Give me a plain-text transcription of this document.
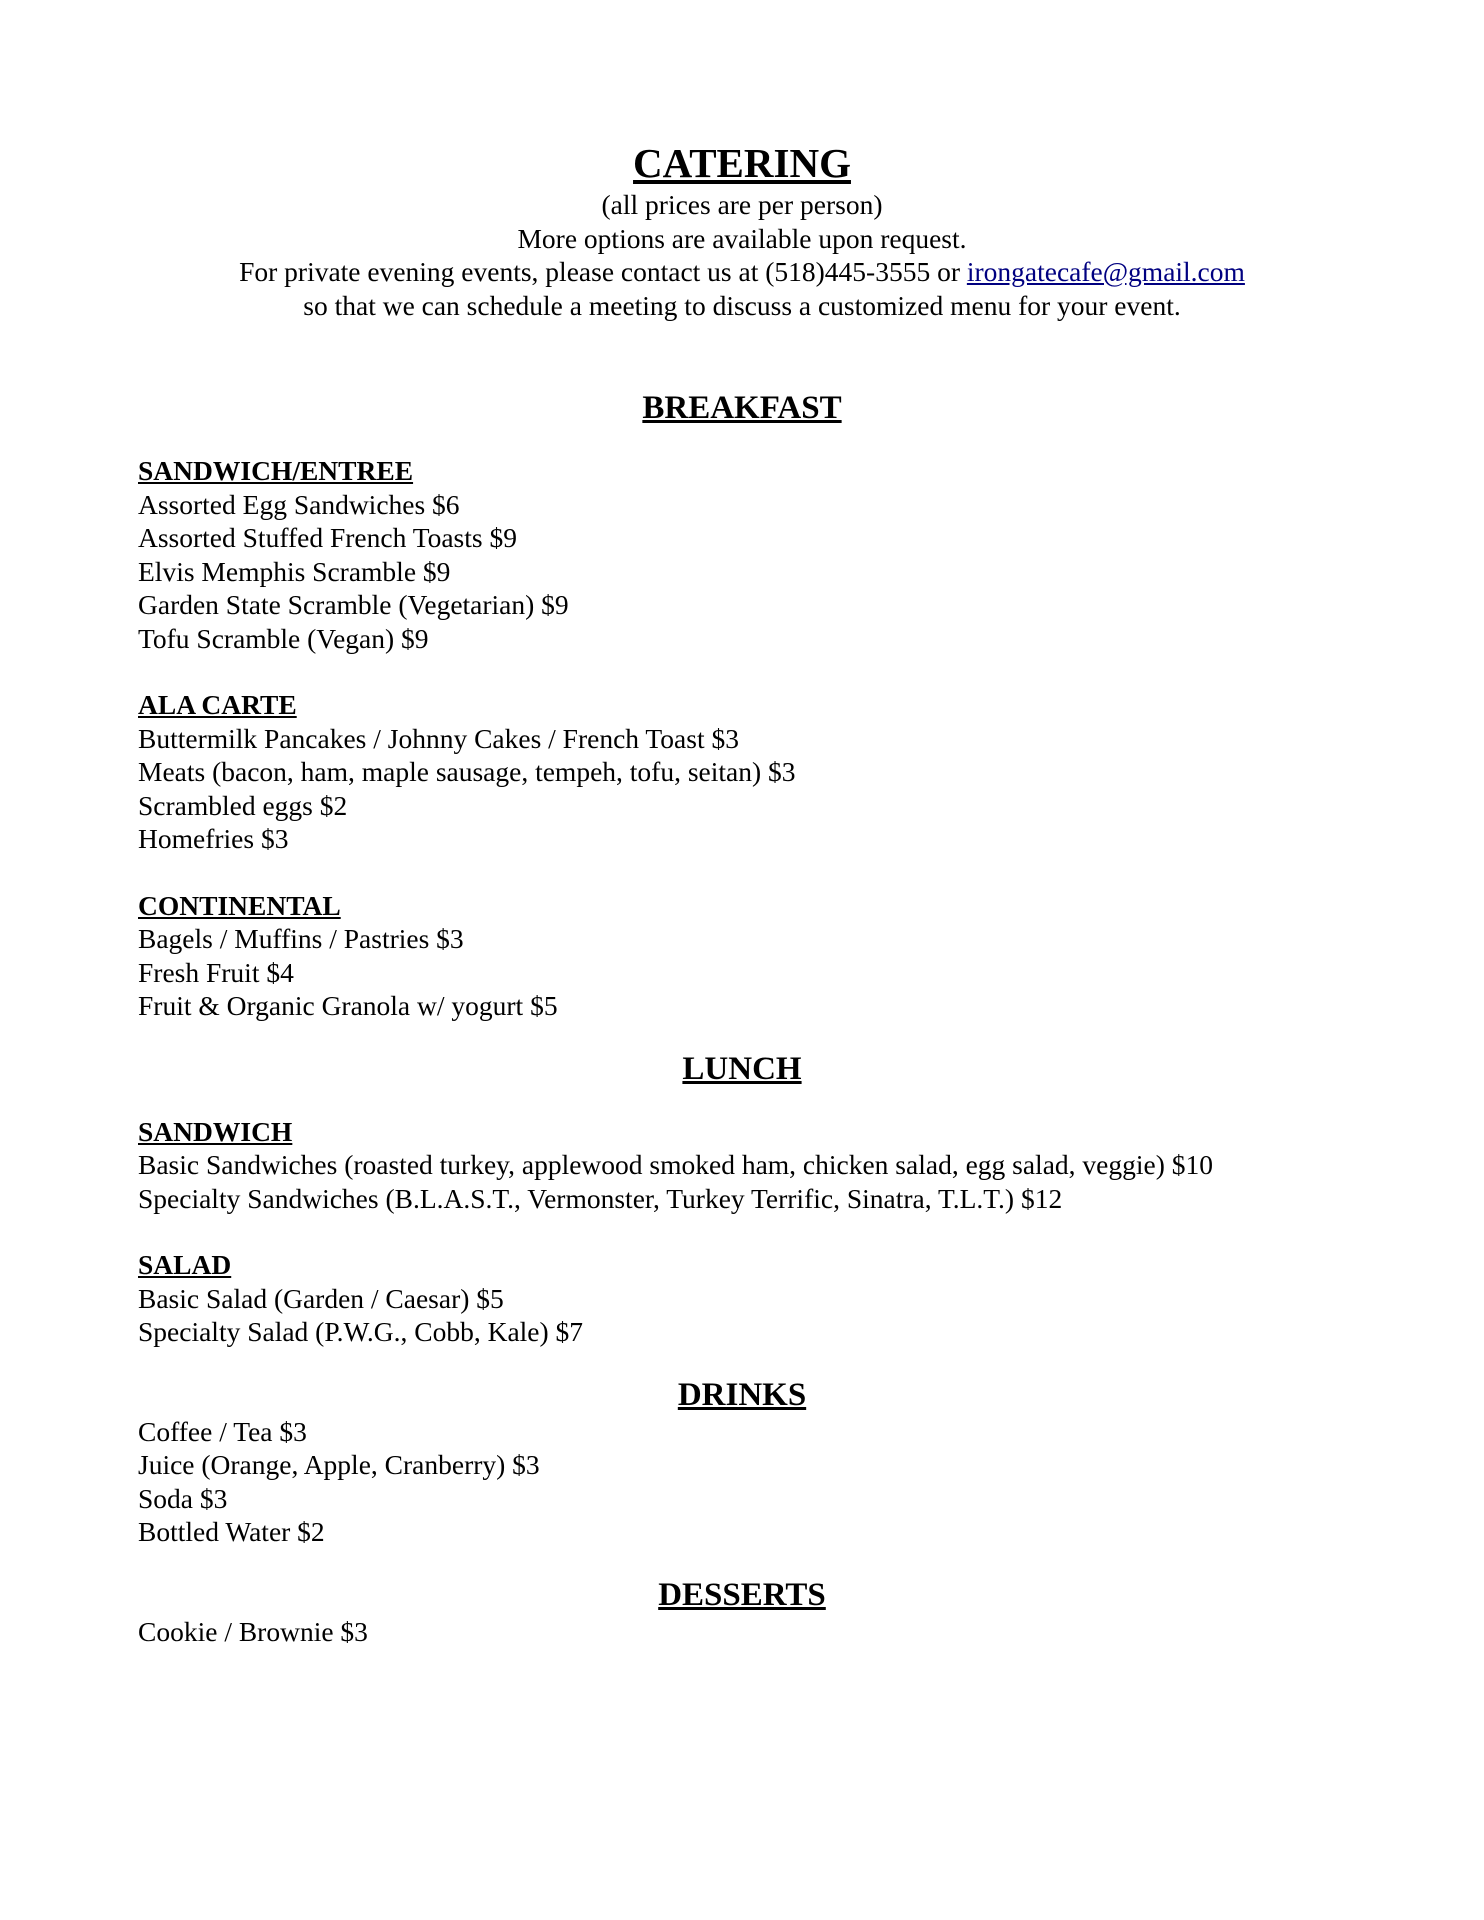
CATERING

(all prices are per person)

More options are available upon request.

For private evening events, please contact us at (518)445-3555 or irongatecafe@gmail.com

so that we can schedule a meeting to discuss a customized menu for your event.

BREAKFAST
SANDWICH/ENTREE
Assorted Egg Sandwiches $6
Assorted Stuffed French Toasts $9
Elvis Memphis Scramble $9
Garden State Scramble (Vegetarian) $9
Tofu Scramble (Vegan) $9
ALA CARTE
Buttermilk Pancakes / Johnny Cakes / French Toast $3
Meats (bacon, ham, maple sausage, tempeh, tofu, seitan) $3
Scrambled eggs $2
Homefries $3
CONTINENTAL
Bagels / Muffins / Pastries $3
Fresh Fruit $4
Fruit & Organic Granola w/ yogurt $5
LUNCH
SANDWICH
Basic Sandwiches (roasted turkey, applewood smoked ham, chicken salad, egg salad, veggie) $10
Specialty Sandwiches (B.L.A.S.T., Vermonster, Turkey Terrific, Sinatra, T.L.T.) $12
SALAD
Basic Salad (Garden / Caesar) $5
Specialty Salad (P.W.G., Cobb, Kale) $7
DRINKS
Coffee / Tea $3
Juice (Orange, Apple, Cranberry) $3
Soda $3
Bottled Water $2
DESSERTS
Cookie / Brownie $3
